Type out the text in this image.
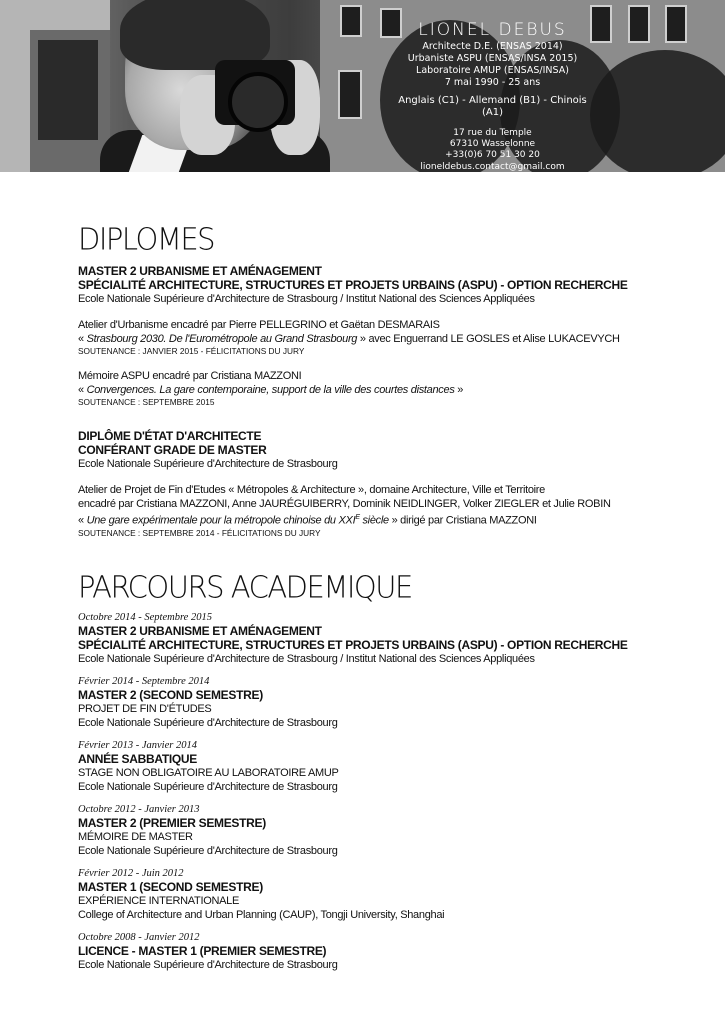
LIONEL DEBUS
Architecte D.E. (ENSAS 2014)
Urbaniste ASPU (ENSAS/INSA 2015)
Laboratoire AMUP (ENSAS/INSA)
7 mai 1990 - 25 ans
Anglais (C1) - Allemand (B1) - Chinois (A1)
17 rue du Temple
67310 Wasselonne
+33(0)6 70 51 30 20
lioneldebus.contact@gmail.com
DIPLOMES
MASTER 2 URBANISME ET AMÉNAGEMENT
SPÉCIALITÉ ARCHITECTURE, STRUCTURES ET PROJETS URBAINS (ASPU) - OPTION RECHERCHE
Ecole Nationale Supérieure d'Architecture de Strasbourg / Institut National des Sciences Appliquées
Atelier d'Urbanisme encadré par Pierre PELLEGRINO et Gaëtan DESMARAIS
« Strasbourg 2030. De l'Eurométropole au Grand Strasbourg » avec Enguerrand LE GOSLES et Alise LUKACEVYCH
SOUTENANCE : JANVIER 2015 - FÉLICITATIONS DU JURY
Mémoire ASPU encadré par Cristiana MAZZONI
« Convergences. La gare contemporaine, support de la ville des courtes distances »
SOUTENANCE : SEPTEMBRE 2015
DIPLÔME D'ÉTAT D'ARCHITECTE
CONFÉRANT GRADE DE MASTER
Ecole Nationale Supérieure d'Architecture de Strasbourg
Atelier de Projet de Fin d'Etudes « Métropoles & Architecture », domaine Architecture, Ville et Territoire
encadré par Cristiana MAZZONI, Anne JAURÉGUIBERRY, Dominik NEIDLINGER, Volker ZIEGLER et Julie ROBIN
« Une gare expérimentale pour la métropole chinoise du $XXI^E$ siècle » dirigé par Cristiana MAZZONI
SOUTENANCE : SEPTEMBRE 2014 - FÉLICITATIONS DU JURY
PARCOURS ACADEMIQUE
Octobre 2014 - Septembre 2015
MASTER 2 URBANISME ET AMÉNAGEMENT
SPÉCIALITÉ ARCHITECTURE, STRUCTURES ET PROJETS URBAINS (ASPU) - OPTION RECHERCHE
Ecole Nationale Supérieure d'Architecture de Strasbourg / Institut National des Sciences Appliquées
Février 2014 - Septembre 2014
MASTER 2 (SECOND SEMESTRE)
PROJET DE FIN D'ÉTUDES
Ecole Nationale Supérieure d'Architecture de Strasbourg
Février 2013 - Janvier 2014
ANNÉE SABBATIQUE
STAGE NON OBLIGATOIRE AU LABORATOIRE AMUP
Ecole Nationale Supérieure d'Architecture de Strasbourg
Octobre 2012 - Janvier 2013
MASTER 2 (PREMIER SEMESTRE)
MÉMOIRE DE MASTER
Ecole Nationale Supérieure d'Architecture de Strasbourg
Février 2012 - Juin 2012
MASTER 1 (SECOND SEMESTRE)
EXPÉRIENCE INTERNATIONALE
College of Architecture and Urban Planning (CAUP), Tongji University, Shanghai
Octobre 2008 - Janvier 2012
LICENCE - MASTER 1 (PREMIER SEMESTRE)
Ecole Nationale Supérieure d'Architecture de Strasbourg
